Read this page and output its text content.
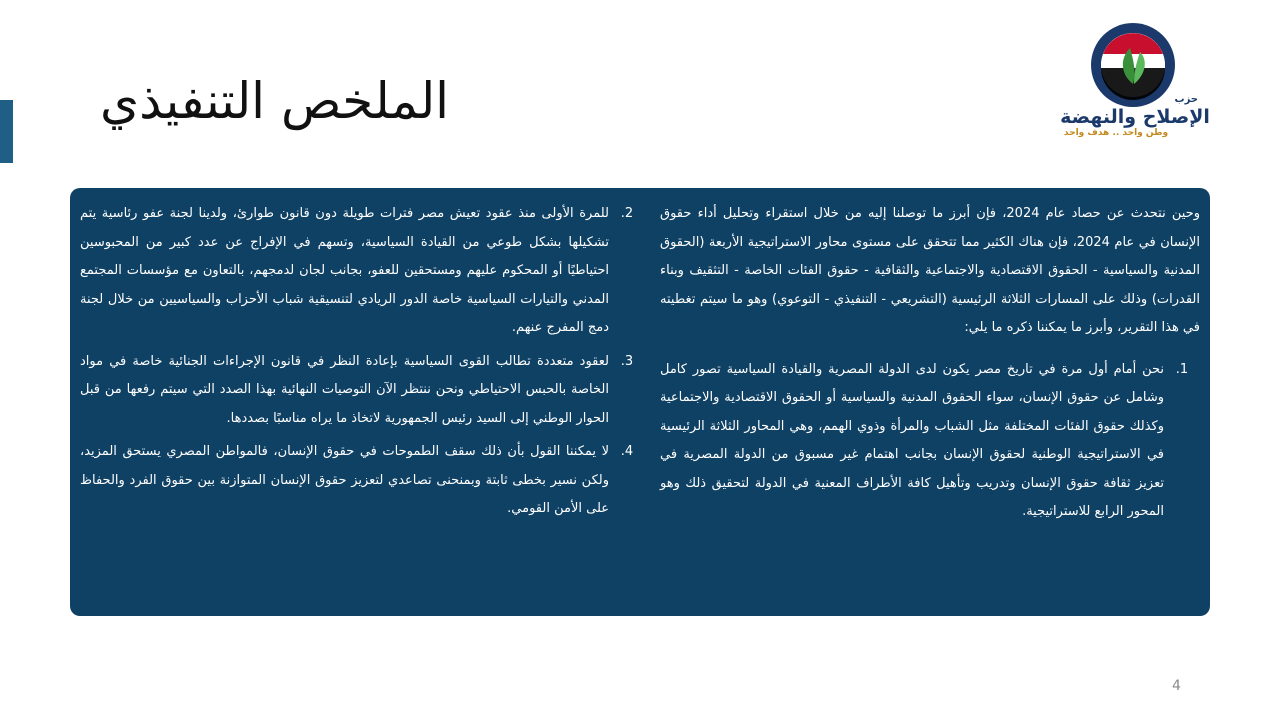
الملخص التنفيذي	حزب
الإصلاح والنهضة
وطن واحد .. هدف واحد

وحين نتحدث عن حصاد عام 2024، فإن أبرز ما توصلنا إليه من خلال استقراء وتحليل أداء حقوق الإنسان في عام 2024، فإن هناك الكثير مما تتحقق على مستوى محاور الاستراتيجية الأربعة (الحقوق المدنية والسياسية - الحقوق الاقتصادية والاجتماعية والثقافية - حقوق الفئات الخاصة - التثقيف وبناء القدرات) وذلك على المسارات الثلاثة الرئيسية (التشريعي - التنفيذي - التوعوي) وهو ما سيتم تغطيته في هذا التقرير، وأبرز ما يمكننا ذكره ما يلي:

1.
نحن أمام أول مرة في تاريخ مصر يكون لدى الدولة المصرية والقيادة السياسية تصور كامل وشامل عن حقوق الإنسان، سواء الحقوق المدنية والسياسية أو الحقوق الاقتصادية والاجتماعية وكذلك حقوق الفئات المختلفة مثل الشباب والمرأة وذوي الهمم، وهي المحاور الثلاثة الرئيسية في الاستراتيجية الوطنية لحقوق الإنسان بجانب اهتمام غير مسبوق من الدولة المصرية في تعزيز ثقافة حقوق الإنسان وتدريب وتأهيل كافة الأطراف المعنية في الدولة لتحقيق ذلك وهو المحور الرابع للاستراتيجية.
2.
للمرة الأولى منذ عقود تعيش مصر فترات طويلة دون قانون طوارئ، ولدينا لجنة عفو رئاسية يتم تشكيلها بشكل طوعي من القيادة السياسية، وتسهم في الإفراج عن عدد كبير من المحبوسين احتياطيًا أو المحكوم عليهم ومستحقين للعفو، بجانب لجان لدمجهم، بالتعاون مع مؤسسات المجتمع المدني والتيارات السياسية خاصة الدور الريادي لتنسيقية شباب الأحزاب والسياسيين من خلال لجنة دمج المفرج عنهم.
3.
لعقود متعددة تطالب القوى السياسية بإعادة النظر في قانون الإجراءات الجنائية خاصة في مواد الخاصة بالحبس الاحتياطي ونحن ننتظر الآن التوصيات النهائية بهذا الصدد التي سيتم رفعها من قبل الحوار الوطني إلى السيد رئيس الجمهورية لاتخاذ ما يراه مناسبًا بصددها.
4.
لا يمكننا القول بأن ذلك سقف الطموحات في حقوق الإنسان، فالمواطن المصري يستحق المزيد، ولكن نسير بخطى ثابتة وبمنحنى تصاعدي لتعزيز حقوق الإنسان المتوازنة بين حقوق الفرد والحفاظ على الأمن القومي.
4
